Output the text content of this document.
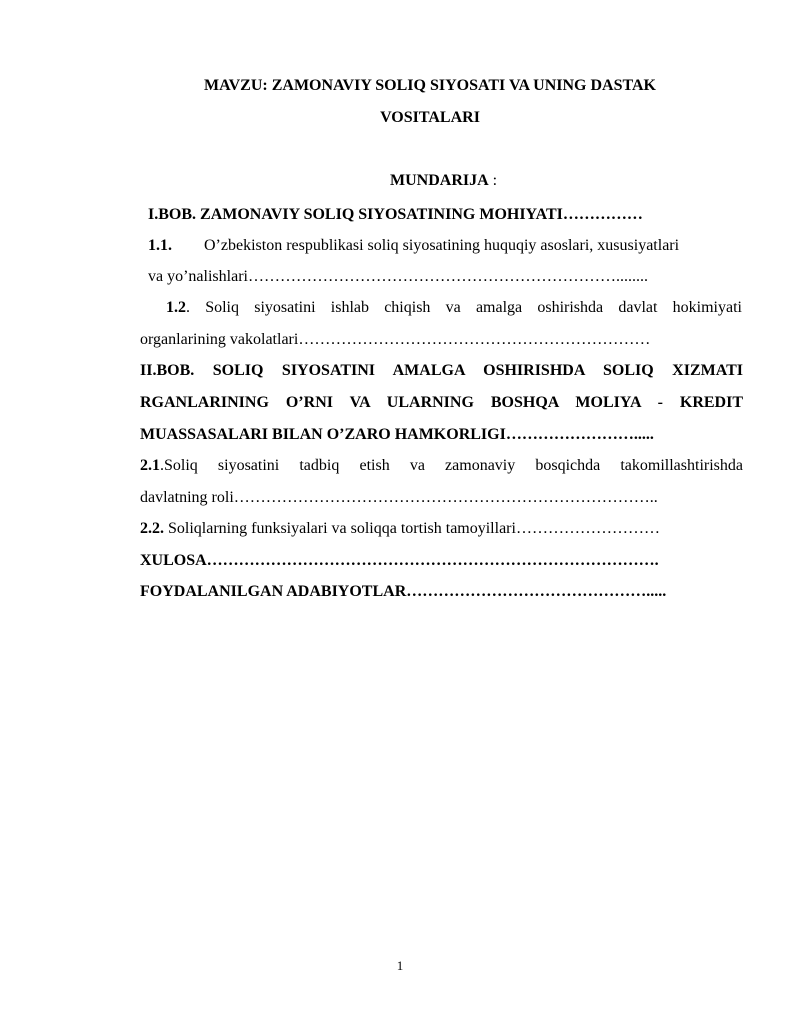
MAVZU: ZAMONAVIY SOLIQ SIYOSATI VA UNING DASTAK
VOSITALARI
MUNDARIJA :
I.BOB. ZAMONAVIY SOLIQ SIYOSATINING MOHIYATI……………
1.1. O’zbekiston respublikasi soliq siyosatining huquqiy asoslari, xususiyatlari
va yo’nalishlari……………………………………………………………........
1.2. Soliq siyosatini ishlab chiqish va amalga oshirishda davlat hokimiyati
organlarining vakolatlari…………………………………………………………
II.BOB. SOLIQ SIYOSATINI AMALGA OSHIRISHDA SOLIQ XIZMATI
RGANLARINING O’RNI VA ULARNING BOSHQA MOLIYA - KREDIT
MUASSASALARI BILAN O’ZARO HAMKORLIGI…………………….....
2.1.Soliq siyosatini tadbiq etish va zamonaviy bosqichda takomillashtirishda
davlatning roli……………………………………………………………………..
2.2. Soliqlarning funksiyalari va soliqqa tortish tamoyillari………………………
XULOSA………………………………………………………………………….
FOYDALANILGAN ADABIYOTLAR……………………………………….....
1
